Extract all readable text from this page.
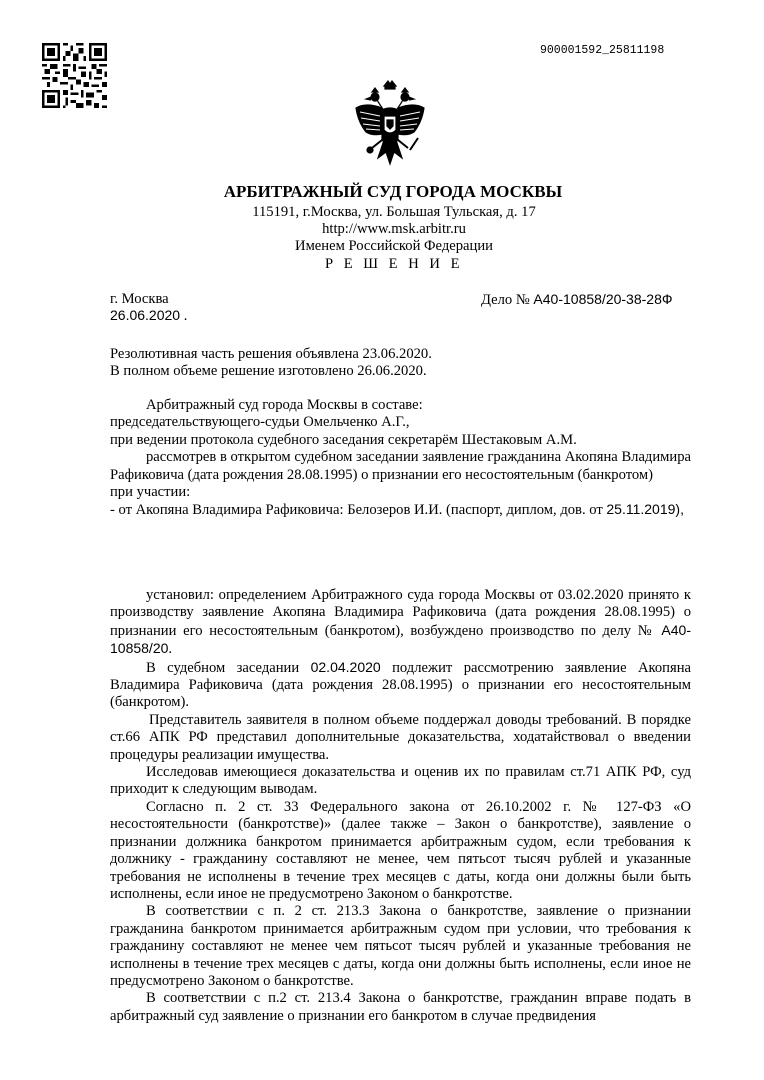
900001592_25811198
АРБИТРАЖНЫЙ СУД ГОРОДА МОСКВЫ
115191, г.Москва, ул. Большая Тульская, д. 17
http://www.msk.arbitr.ru
Именем Российской Федерации
Р Е Ш Е Н И Е
г. Москва
26.06.2020 .
Дело № А40-10858/20-38-28Ф
Резолютивная часть решения объявлена 23.06.2020.
В полном объеме решение изготовлено 26.06.2020.

Арбитражный суд города Москвы в составе:

председательствующего-судьи Омельченко А.Г.,

при ведении протокола судебного заседания секретарём Шестаковым А.М.

рассмотрев в открытом судебном заседании заявление гражданина Акопяна Владимира Рафиковича (дата рождения 28.08.1995) о признании его несостоятельным (банкротом)

при участии:

- от Акопяна Владимира Рафиковича: Белозеров И.И. (паспорт, диплом, дов. от 25.11.2019),

установил: определением Арбитражного суда города Москвы от 03.02.2020 принято к производству заявление Акопяна Владимира Рафиковича (дата рождения 28.08.1995) о признании его несостоятельным (банкротом), возбуждено производство по делу № А40-10858/20.

В судебном заседании 02.04.2020 подлежит рассмотрению заявление Акопяна Владимира Рафиковича (дата рождения 28.08.1995) о признании его несостоятельным (банкротом).

Представитель заявителя в полном объеме поддержал доводы требований. В порядке ст.66 АПК РФ представил дополнительные доказательства, ходатайствовал о введении процедуры реализации имущества.

Исследовав имеющиеся доказательства и оценив их по правилам ст.71 АПК РФ, суд приходит к следующим выводам.

Согласно п. 2 ст. 33 Федерального закона от 26.10.2002 г. № 127-ФЗ «О несостоятельности (банкротстве)» (далее также – Закон о банкротстве), заявление о признании должника банкротом принимается арбитражным судом, если требования к должнику - гражданину составляют не менее, чем пятьсот тысяч рублей и указанные требования не исполнены в течение трех месяцев с даты, когда они должны были быть исполнены, если иное не предусмотрено Законом о банкротстве.

В соответствии с п. 2 ст. 213.3 Закона о банкротстве, заявление о признании гражданина банкротом принимается арбитражным судом при условии, что требования к гражданину составляют не менее чем пятьсот тысяч рублей и указанные требования не исполнены в течение трех месяцев с даты, когда они должны быть исполнены, если иное не предусмотрено Законом о банкротстве.

В соответствии с п.2 ст. 213.4 Закона о банкротстве, гражданин вправе подать в арбитражный суд заявление о признании его банкротом в случае предвидения
